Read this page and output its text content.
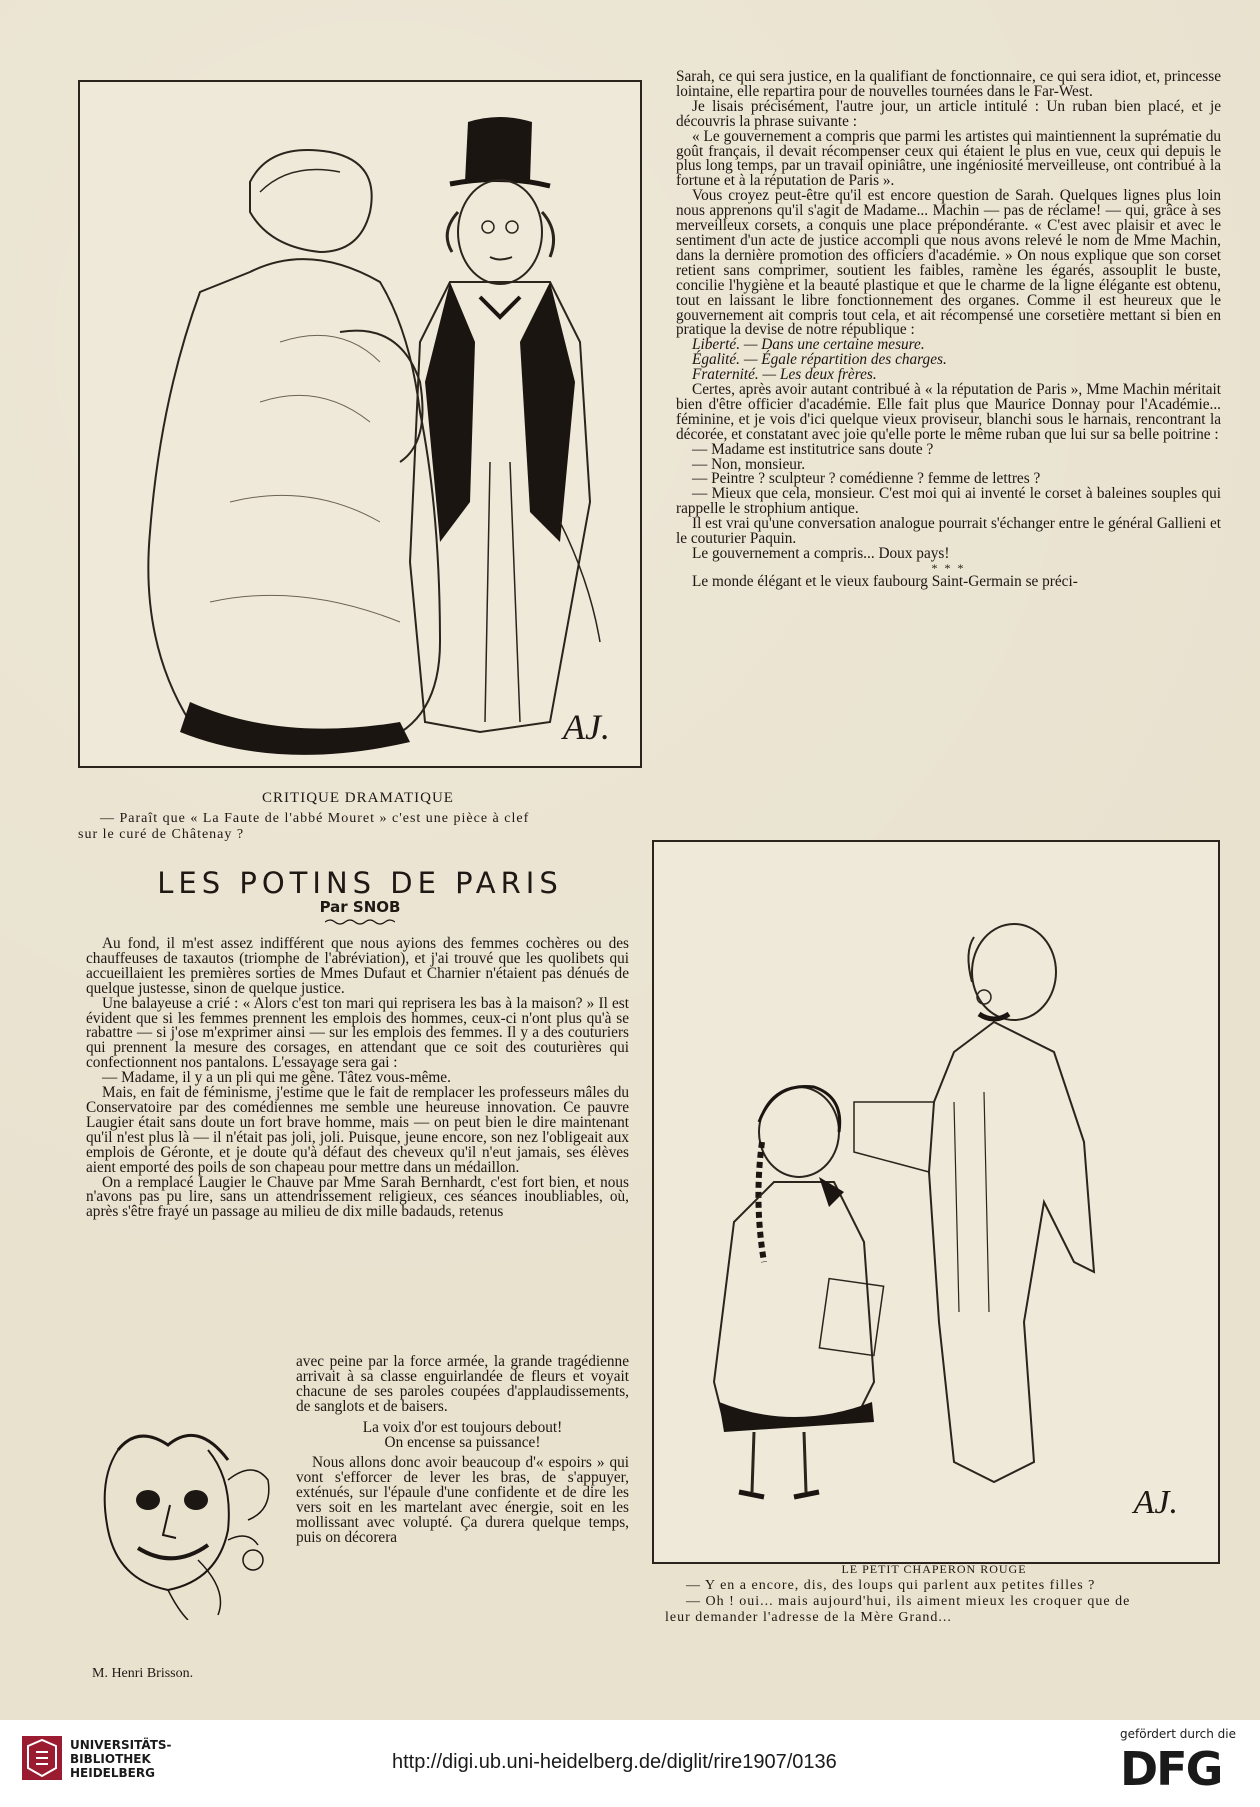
AJ.
CRITIQUE DRAMATIQUE
— Paraît que « La Faute de l'abbé Mouret » c'est une pièce à clef
sur le curé de Châtenay ?
LES POTINS DE PARIS
Par SNOB

Au fond, il m'est assez indifférent que nous ayions des femmes cochères ou des chauffeuses de taxautos (triomphe de l'abréviation), et j'ai trouvé que les quolibets qui accueillaient les premières sorties de Mmes Dufaut et Charnier n'étaient pas dénués de quelque justesse, sinon de quelque justice.

Une balayeuse a crié : « Alors c'est ton mari qui reprisera les bas à la maison? » Il est évident que si les femmes prennent les emplois des hommes, ceux-ci n'ont plus qu'à se rabattre — si j'ose m'exprimer ainsi — sur les emplois des femmes. Il y a des couturiers qui prennent la mesure des corsages, en attendant que ce soit des couturières qui confectionnent nos pantalons. L'essayage sera gai :

— Madame, il y a un pli qui me gêne. Tâtez vous-même.

Mais, en fait de féminisme, j'estime que le fait de remplacer les professeurs mâles du Conservatoire par des comédiennes me semble une heureuse innovation. Ce pauvre Laugier était sans doute un fort brave homme, mais — on peut bien le dire maintenant qu'il n'est plus là — il n'était pas joli, joli. Puisque, jeune encore, son nez l'obligeait aux emplois de Géronte, et je doute qu'à défaut des cheveux qu'il n'eut jamais, ses élèves aient emporté des poils de son chapeau pour mettre dans un médaillon.

On a remplacé Laugier le Chauve par Mme Sarah Bernhardt, c'est fort bien, et nous n'avons pas pu lire, sans un attendrissement religieux, ces séances inoubliables, où, après s'être frayé un passage au milieu de dix mille badauds, retenus

avec peine par la force armée, la grande tragédienne arrivait à sa classe enguirlandée de fleurs et voyait chacune de ses paroles coupées d'applaudissements, de sanglots et de baisers.

La voix d'or est toujours debout!

On encense sa puissance!

Nous allons donc avoir beaucoup d'« espoirs » qui vont s'efforcer de lever les bras, de s'appuyer, exténués, sur l'épaule d'une confidente et de dire les vers soit en les martelant avec énergie, soit en les mollissant avec volupté. Ça durera quelque temps, puis on décorera

M. Henri Brisson.

Sarah, ce qui sera justice, en la qualifiant de fonctionnaire, ce qui sera idiot, et, princesse lointaine, elle repartira pour de nouvelles tournées dans le Far-West.

Je lisais précisément, l'autre jour, un article intitulé : Un ruban bien placé, et je découvris la phrase suivante :

« Le gouvernement a compris que parmi les artistes qui maintiennent la suprématie du goût français, il devait récompenser ceux qui étaient le plus en vue, ceux qui depuis le plus long temps, par un travail opiniâtre, une ingéniosité merveilleuse, ont contribué à la fortune et à la réputation de Paris ».

Vous croyez peut-être qu'il est encore question de Sarah. Quelques lignes plus loin nous apprenons qu'il s'agit de Madame... Machin — pas de réclame! — qui, grâce à ses merveilleux corsets, a conquis une place prépondérante. « C'est avec plaisir et avec le sentiment d'un acte de justice accompli que nous avons relevé le nom de Mme Machin, dans la dernière promotion des officiers d'académie. » On nous explique que son corset retient sans comprimer, soutient les faibles, ramène les égarés, assouplit le buste, concilie l'hygiène et la beauté plastique et que le charme de la ligne élégante est obtenu, tout en laissant le libre fonctionnement des organes. Comme il est heureux que le gouvernement ait compris tout cela, et ait récompensé une corsetière mettant si bien en pratique la devise de notre république :

Liberté. — Dans une certaine mesure.

Égalité. — Égale répartition des charges.

Fraternité. — Les deux frères.

Certes, après avoir autant contribué à « la réputation de Paris », Mme Machin méritait bien d'être officier d'académie. Elle fait plus que Maurice Donnay pour l'Académie... féminine, et je vois d'ici quelque vieux proviseur, blanchi sous le harnais, rencontrant la décorée, et constatant avec joie qu'elle porte le même ruban que lui sur sa belle poitrine :

— Madame est institutrice sans doute ?

— Non, monsieur.

— Peintre ? sculpteur ? comédienne ? femme de lettres ?

— Mieux que cela, monsieur. C'est moi qui ai inventé le corset à baleines souples qui rappelle le strophium antique.

Il est vrai qu'une conversation analogue pourrait s'échanger entre le général Gallieni et le couturier Paquin.

Le gouvernement a compris... Doux pays!

* * *

Le monde élégant et le vieux faubourg Saint-Germain se préci-

AJ.
LE PETIT CHAPERON ROUGE
— Y en a encore, dis, des loups qui parlent aux petites filles ?
— Oh ! oui... mais aujourd'hui, ils aiment mieux les croquer que de
leur demander l'adresse de la Mère Grand...
UNIVERSITÄTS-
BIBLIOTHEK
HEIDELBERG	http://digi.ub.uni-heidelberg.de/diglit/rire1907/0136
gefördert durch die
DFG
